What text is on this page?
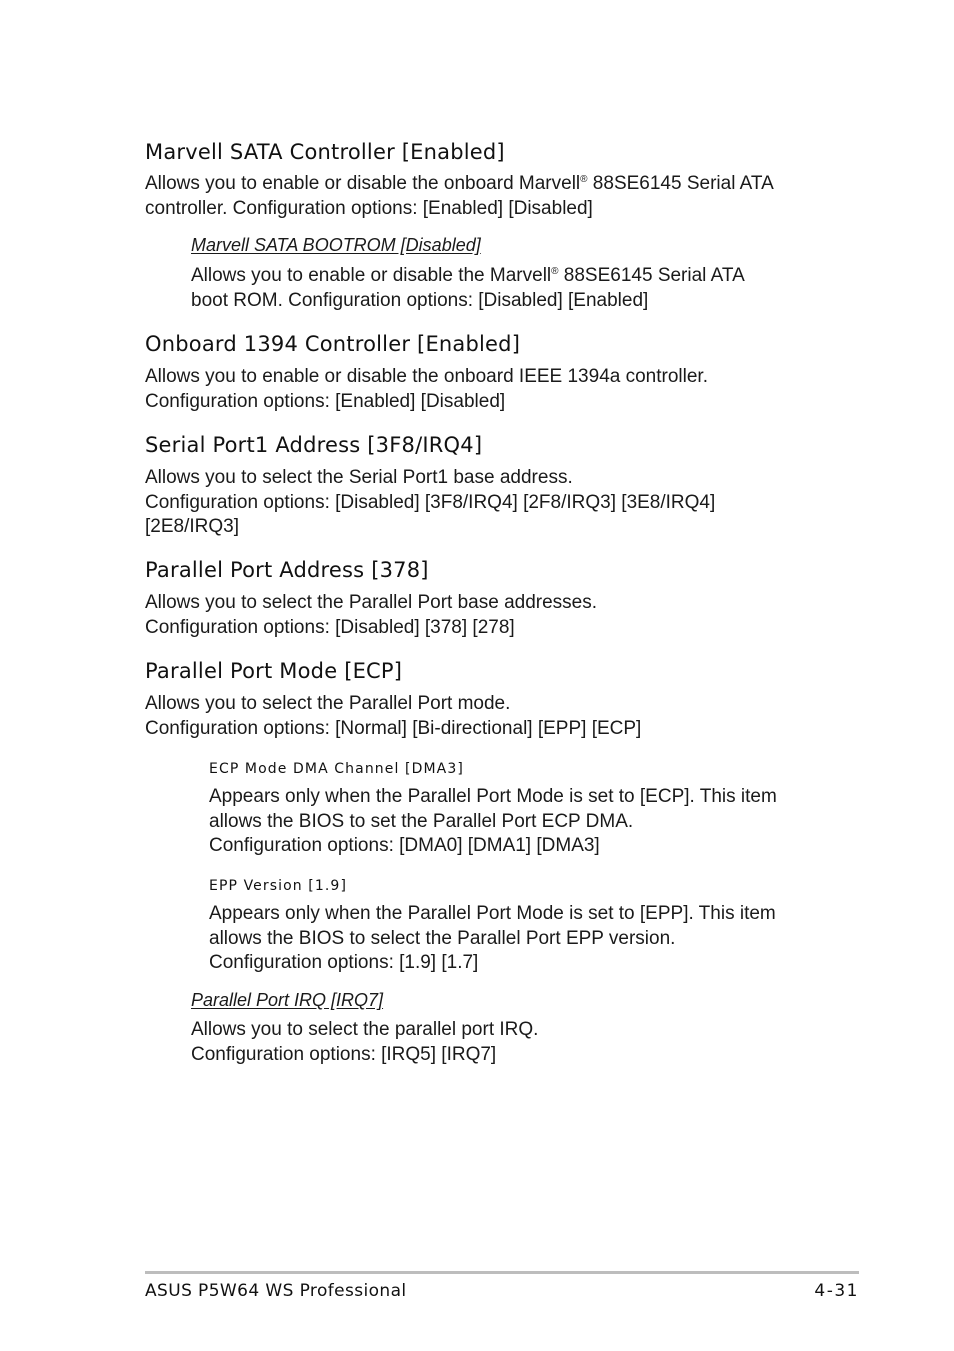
Marvell SATA Controller [Enabled]
Allows you to enable or disable the onboard Marvell® 88SE6145 Serial ATA
controller. Configuration options: [Enabled] [Disabled]
Marvell SATA BOOTROM [Disabled]
Allows you to enable or disable the Marvell® 88SE6145 Serial ATA
boot ROM. Configuration options: [Disabled] [Enabled]
Onboard 1394 Controller [Enabled]
Allows you to enable or disable the onboard IEEE 1394a controller.
Configuration options: [Enabled] [Disabled]
Serial Port1 Address [3F8/IRQ4]
Allows you to select the Serial Port1 base address.
Configuration options: [Disabled] [3F8/IRQ4] [2F8/IRQ3] [3E8/IRQ4]
[2E8/IRQ3]
Parallel Port Address [378]
Allows you to select the Parallel Port base addresses.
Configuration options: [Disabled] [378] [278]
Parallel Port Mode [ECP]
Allows you to select the Parallel Port mode.
Configuration options: [Normal] [Bi-directional] [EPP] [ECP]
ECP Mode DMA Channel [DMA3]
Appears only when the Parallel Port Mode is set to [ECP]. This item
allows the BIOS to set the Parallel Port ECP DMA.
Configuration options: [DMA0] [DMA1] [DMA3]
EPP Version [1.9]
Appears only when the Parallel Port Mode is set to [EPP]. This item
allows the BIOS to select the Parallel Port EPP version.
Configuration options: [1.9] [1.7]
Parallel Port IRQ [IRQ7]
Allows you to select the parallel port IRQ.
Configuration options: [IRQ5] [IRQ7]
ASUS P5W64 WS Professional	4-31
